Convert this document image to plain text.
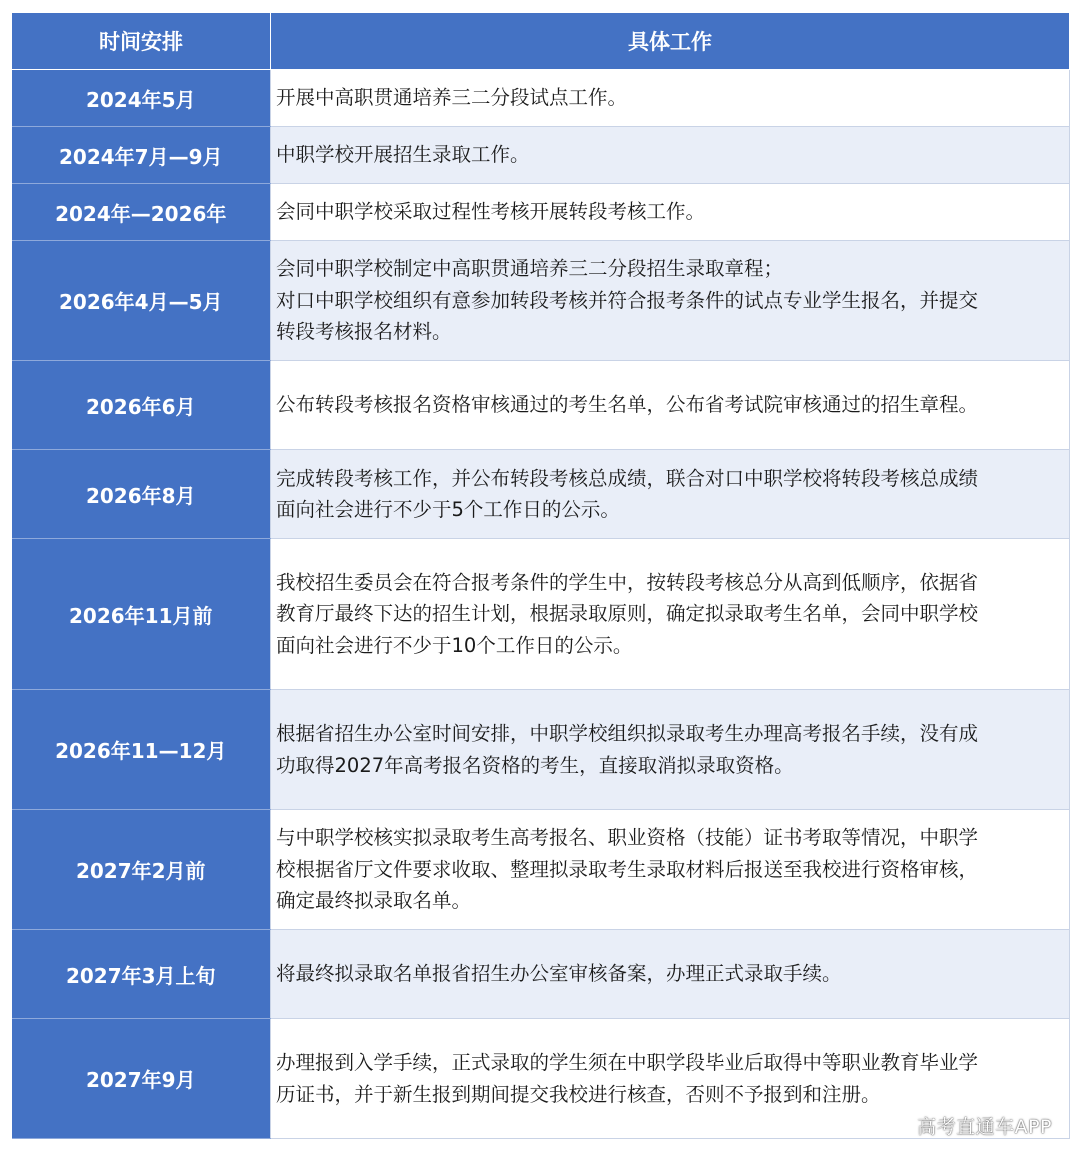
时间安排	具体工作
2024年5月	开展中高职贯通培养三二分段试点工作。

2024年7月—9月	中职学校开展招生录取工作。

2024年—2026年	会同中职学校采取过程性考核开展转段考核工作。

2026年4月—5月	会同中职学校制定中高职贯通培养三二分段招生录取章程；
对口中职学校组织有意参加转段考核并符合报考条件的试点专业学生报名，并提交
转段考核报名材料。

2026年6月	公布转段考核报名资格审核通过的考生名单，公布省考试院审核通过的招生章程。

2026年8月	完成转段考核工作，并公布转段考核总成绩，联合对口中职学校将转段考核总成绩
面向社会进行不少于5个工作日的公示。

2026年11月前	我校招生委员会在符合报考条件的学生中，按转段考核总分从高到低顺序，依据省
教育厅最终下达的招生计划，根据录取原则，确定拟录取考生名单，会同中职学校
面向社会进行不少于10个工作日的公示。

2026年11—12月	根据省招生办公室时间安排，中职学校组织拟录取考生办理高考报名手续，没有成
功取得2027年高考报名资格的考生，直接取消拟录取资格。

2027年2月前	与中职学校核实拟录取考生高考报名、职业资格（技能）证书考取等情况，中职学
校根据省厅文件要求收取、整理拟录取考生录取材料后报送至我校进行资格审核，
确定最终拟录取名单。

2027年3月上旬	将最终拟录取名单报省招生办公室审核备案，办理正式录取手续。

2027年9月	办理报到入学手续，正式录取的学生须在中职学段毕业后取得中等职业教育毕业学
历证书，并于新生报到期间提交我校进行核查，否则不予报到和注册。
高考直通车APP
